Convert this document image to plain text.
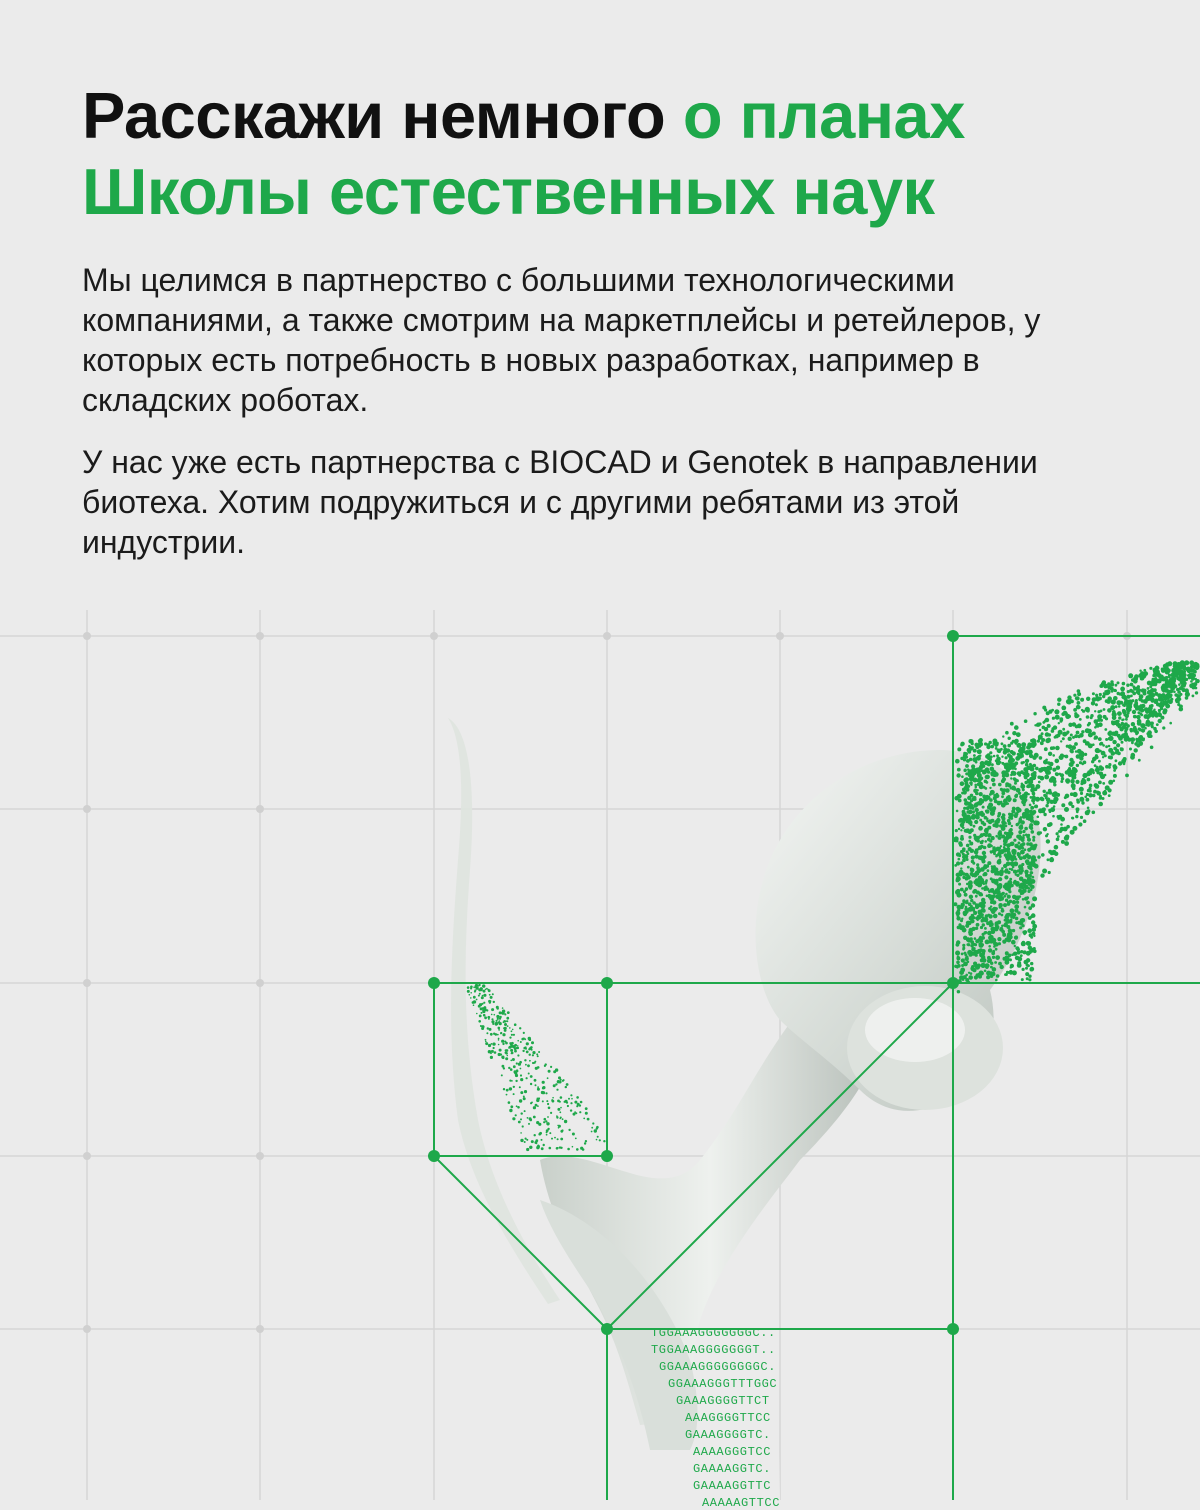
Расскажи немного о планах
Школы естественных наук

Мы целимся в партнерство с большими технологическими компаниями, а также смотрим на маркетплейсы и ретейлеров, у которых есть потребность в новых разработках, например в складских роботах.

У нас уже есть партнерства с BIOCAD и Genotek в направлении биотеха. Хотим подружиться и с другими ребятами из этой индустрии.

TGGAAAGGGGGGGC..
TGGAAAGGGGGGGT..
GGAAAGGGGGGGGC.
GGAAAGGGTTTGGC
GAAAGGGGTTCT
AAAGGGGTTCC
GAAAGGGGTC.
AAAAGGGTCC
GAAAAGGTC.
GAAAAGGTTC
AAAAAGTTCC
